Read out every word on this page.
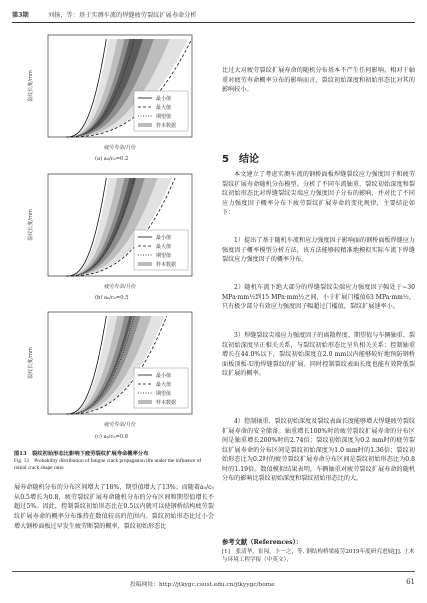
第3期	刘扬，等：基于实测车流的焊缝疲劳裂纹扩展寿命分析
裂纹长度/mm
疲劳寿命/月份
最小值
最大值
期望值
样本数据
裂纹长度/mm
疲劳寿命/月份
最小值
最大值
期望值
样本数据
裂纹长度/mm
疲劳寿命/月份
最小值
最大值
期望值
样本数据
(a) a₀/c₀=0.2
(b) a₀/c₀=0.5
(c) a₀/c₀=0.8
图13　裂纹初始形态比影响下疲劳裂纹扩展寿命概率分布
Fig. 13　Probability distribution of fatigue crack propagation life under the influence of initial crack shape ratio
展寿命随机分布的分布区间增大了18%，期望值增大了13%；而随着a₀/c₀从0.5增长为0.8，疲劳裂纹扩展寿命随机分布的分布区间和期望值增长不超过5%。因此，控制裂纹初始形态比在0.5以内就可以使钢桥结构疲劳裂纹扩展寿命的概率分布维持在数值较高的范围内。裂纹初始形态比过小会增大钢桥面板过早发生疲劳断裂的概率，裂纹初始形态比
比过大对疲劳裂纹扩展寿命的随机分布基本不产生任何影响。相对于轴重对疲劳寿命概率分布的影响而言，裂纹初始深度和初始形态比对其的影响较小。
5　结论
本文建立了考虑实测车流的钢桥面板焊缝裂纹应力强度因子和疲劳裂纹扩展寿命随机分布模型。分析了不同车流轴重、裂纹初始深度和裂纹初始形态比对焊缝裂纹尖端应力强度因子分布的影响，并对比了不同应力强度因子概率分布下疲劳裂纹扩展寿命的变化规律，主要结论如下：
1）提出了基于随机车流和应力强度因子影响面的钢桥面板焊缝应力强度因子概率模型分析方法，该方法能够较精准地模拟实际车流下焊缝裂纹应力强度因子的概率分布。
2）随机车流下绝大部分的焊缝裂纹尖端应力强度因子幅处于~30 MPa·mm½到15 MPa·mm½之间，小于扩展门槛值63 MPa·mm½，只有极少部分有效应力强度因子幅超过门槛值，裂纹扩展速率小。
3）焊缝裂纹尖端应力强度因子的离散程度、期望值与车辆轴重、裂纹初始深度呈正相关关系，与裂纹初始形态比呈负相关关系；控制轴重增长在44.0%以下，裂纹初始深度在2.0 mm以内能够较好地预防钢桥面板顶板-U肋焊缝裂纹的扩展。同时控制裂纹表面长度也能有效降低裂纹扩展的概率。
4）控制轴重、裂纹初始深度及裂纹表面长度能够增大焊缝疲劳裂纹扩展寿命的安全储备。轴重增长100%时的疲劳裂纹扩展寿命的分布区间是轴重增长200%时的2.74倍；裂纹初始深度为0.2 mm时的疲劳裂纹扩展寿命的分布区间是裂纹初始深度为1.0 mm时的1.36倍；裂纹初始形态比为0.2时的疲劳裂纹扩展寿命分布区间是裂纹初始形态比为0.8时的1.19倍。数值模拟结果表明，车辆轴重对疲劳裂纹扩展寿命的随机分布的影响比裂纹初始深度和裂纹初始形态比的大。
参考文献（References）：
[1]　张清华，崔闯，卜一之，等. 钢结构桥梁疲劳2019年度研究进展[J]. 土木与环境工程学报（中英文），
投稿网址：http://jtkygc.csust.edu.cn/jtkyygc/home	61
